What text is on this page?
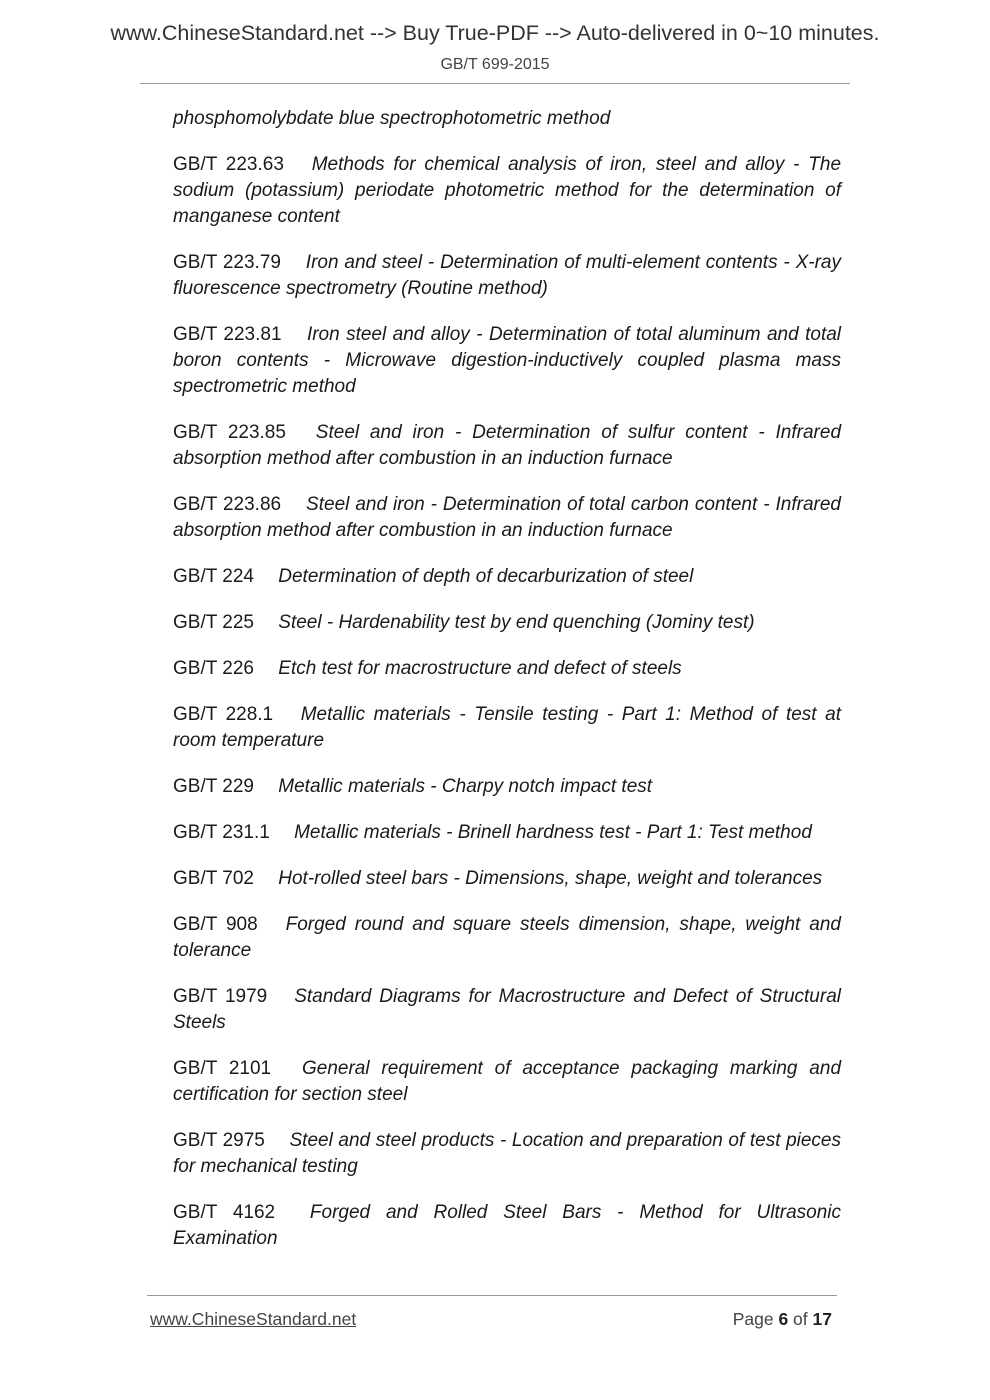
www.ChineseStandard.net --> Buy True-PDF --> Auto-delivered in 0~10 minutes.
GB/T 699-2015

phosphomolybdate blue spectrophotometric method

GB/T 223.63  Methods for chemical analysis of iron, steel and alloy - The sodium (potassium) periodate photometric method for the determination of manganese content

GB/T 223.79  Iron and steel - Determination of multi-element contents - X-ray fluorescence spectrometry (Routine method)

GB/T 223.81  Iron steel and alloy - Determination of total aluminum and total boron contents - Microwave digestion-inductively coupled plasma mass spectrometric method

GB/T 223.85  Steel and iron - Determination of sulfur content - Infrared absorption method after combustion in an induction furnace

GB/T 223.86  Steel and iron - Determination of total carbon content - Infrared absorption method after combustion in an induction furnace

GB/T 224  Determination of depth of decarburization of steel

GB/T 225  Steel - Hardenability test by end quenching (Jominy test)

GB/T 226  Etch test for macrostructure and defect of steels

GB/T 228.1  Metallic materials - Tensile testing - Part 1: Method of test at room temperature

GB/T 229  Metallic materials - Charpy notch impact test

GB/T 231.1  Metallic materials - Brinell hardness test - Part 1: Test method

GB/T 702  Hot-rolled steel bars - Dimensions, shape, weight and tolerances

GB/T 908  Forged round and square steels dimension, shape, weight and tolerance

GB/T 1979  Standard Diagrams for Macrostructure and Defect of Structural Steels

GB/T 2101  General requirement of acceptance packaging marking and certification for section steel

GB/T 2975  Steel and steel products - Location and preparation of test pieces for mechanical testing

GB/T 4162  Forged and Rolled Steel Bars - Method for Ultrasonic Examination

www.ChineseStandard.net	Page 6 of 17
